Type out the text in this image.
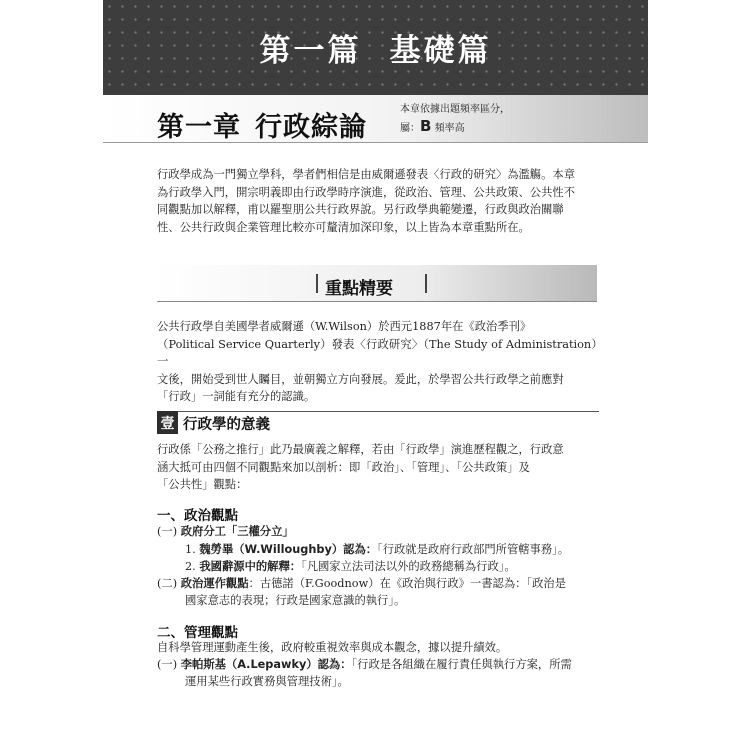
第一篇 基礎篇
第一章 行政綜論
本章依據出題頻率區分，
屬：B 頻率高
行政學成為一門獨立學科，學者們相信是由威爾遜發表〈行政的研究〉為濫觴。本章
為行政學入門，開宗明義即由行政學時序演進，從政治、管理、公共政策、公共性不
同觀點加以解釋，甫以羅聖朋公共行政界說。另行政學典範變遷，行政與政治關聯
性、公共行政與企業管理比較亦可釐清加深印象，以上皆為本章重點所在。
重點精要
公共行政學自美國學者威爾遜（W.Wilson）於西元1887年在《政治季刊》
（Political Service Quarterly）發表〈行政研究〉（The Study of Administration）一
文後，開始受到世人矚目，並朝獨立方向發展。爰此，於學習公共行政學之前應對
「行政」一詞能有充分的認識。
壹 行政學的意義
行政係「公務之推行」此乃最廣義之解釋，若由「行政學」演進歷程觀之，行政意
涵大抵可由四個不同觀點來加以剖析：即「政治」、「管理」、「公共政策」及
「公共性」觀點：
一、政治觀點
(一) 政府分工「三權分立」
1. 魏勞畢（W.Willoughby）認為：「行政就是政府行政部門所管轄事務」。
2. 我國辭源中的解釋：「凡國家立法司法以外的政務總稱為行政」。
(二) 政治運作觀點：古德諾（F.Goodnow）在《政治與行政》一書認為：「政治是
國家意志的表現；行政是國家意識的執行」。
二、管理觀點
自科學管理運動產生後，政府較重視效率與成本觀念，據以提升績效。
(一) 李帕斯基（A.Lepawky）認為：「行政是各組織在履行責任與執行方案，所需
運用某些行政實務與管理技術」。
